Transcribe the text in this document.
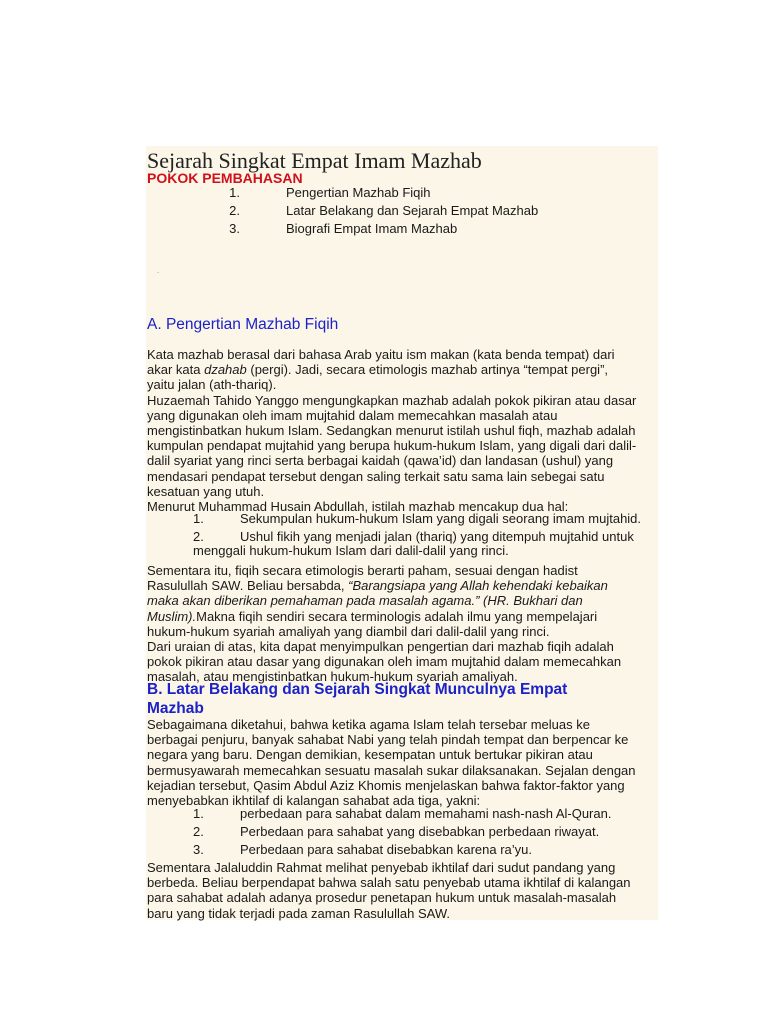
Sejarah Singkat Empat Imam Mazhab
POKOK PEMBAHASAN
1.	Pengertian Mazhab Fiqih
2.	Latar Belakang dan Sejarah Empat Mazhab
3.	Biografi Empat Imam Mazhab
.
A. Pengertian Mazhab Fiqih
Kata mazhab berasal dari bahasa Arab yaitu ism makan (kata benda tempat) dari
akar kata dzahab (pergi). Jadi, secara etimologis mazhab artinya “tempat pergi”,
yaitu jalan (ath-thariq).
Huzaemah Tahido Yanggo mengungkapkan mazhab adalah pokok pikiran atau dasar
yang digunakan oleh imam mujtahid dalam memecahkan masalah atau
mengistinbatkan hukum Islam. Sedangkan menurut istilah ushul fiqh, mazhab adalah
kumpulan pendapat mujtahid yang berupa hukum-hukum Islam, yang digali dari dalil-
dalil syariat yang rinci serta berbagai kaidah (qawa’id) dan landasan (ushul) yang
mendasari pendapat tersebut dengan saling terkait satu sama lain sebegai satu
kesatuan yang utuh.
Menurut Muhammad Husain Abdullah, istilah mazhab mencakup dua hal:
1.	Sekumpulan hukum-hukum Islam yang digali seorang imam mujtahid.
2.	Ushul fikih yang menjadi jalan (thariq) yang ditempuh mujtahid untuk
menggali hukum-hukum Islam dari dalil-dalil yang rinci.
Sementara itu, fiqih secara etimologis berarti paham, sesuai dengan hadist
Rasulullah SAW. Beliau bersabda, “Barangsiapa yang Allah kehendaki kebaikan
maka akan diberikan pemahaman pada masalah agama.” (HR. Bukhari dan
Muslim).Makna fiqih sendiri secara terminologis adalah ilmu yang mempelajari
hukum-hukum syariah amaliyah yang diambil dari dalil-dalil yang rinci.
Dari uraian di atas, kita dapat menyimpulkan pengertian dari mazhab fiqih adalah
pokok pikiran atau dasar yang digunakan oleh imam mujtahid dalam memecahkan
masalah, atau mengistinbatkan hukum-hukum syariah amaliyah.
B. Latar Belakang dan Sejarah Singkat Munculnya Empat
Mazhab
Sebagaimana diketahui, bahwa ketika agama Islam telah tersebar meluas ke
berbagai penjuru, banyak sahabat Nabi yang telah pindah tempat dan berpencar ke
negara yang baru. Dengan demikian, kesempatan untuk bertukar pikiran atau
bermusyawarah memecahkan sesuatu masalah sukar dilaksanakan. Sejalan dengan
kejadian tersebut, Qasim Abdul Aziz Khomis menjelaskan bahwa faktor-faktor yang
menyebabkan ikhtilaf di kalangan sahabat ada tiga, yakni:
1.	perbedaan para sahabat dalam memahami nash-nash Al-Quran.
2.	Perbedaan para sahabat yang disebabkan perbedaan riwayat.
3.	Perbedaan para sahabat disebabkan karena ra’yu.
Sementara Jalaluddin Rahmat melihat penyebab ikhtilaf dari sudut pandang yang
berbeda. Beliau berpendapat bahwa salah satu penyebab utama ikhtilaf di kalangan
para sahabat adalah adanya prosedur penetapan hukum untuk masalah-masalah
baru yang tidak terjadi pada zaman Rasulullah SAW.
